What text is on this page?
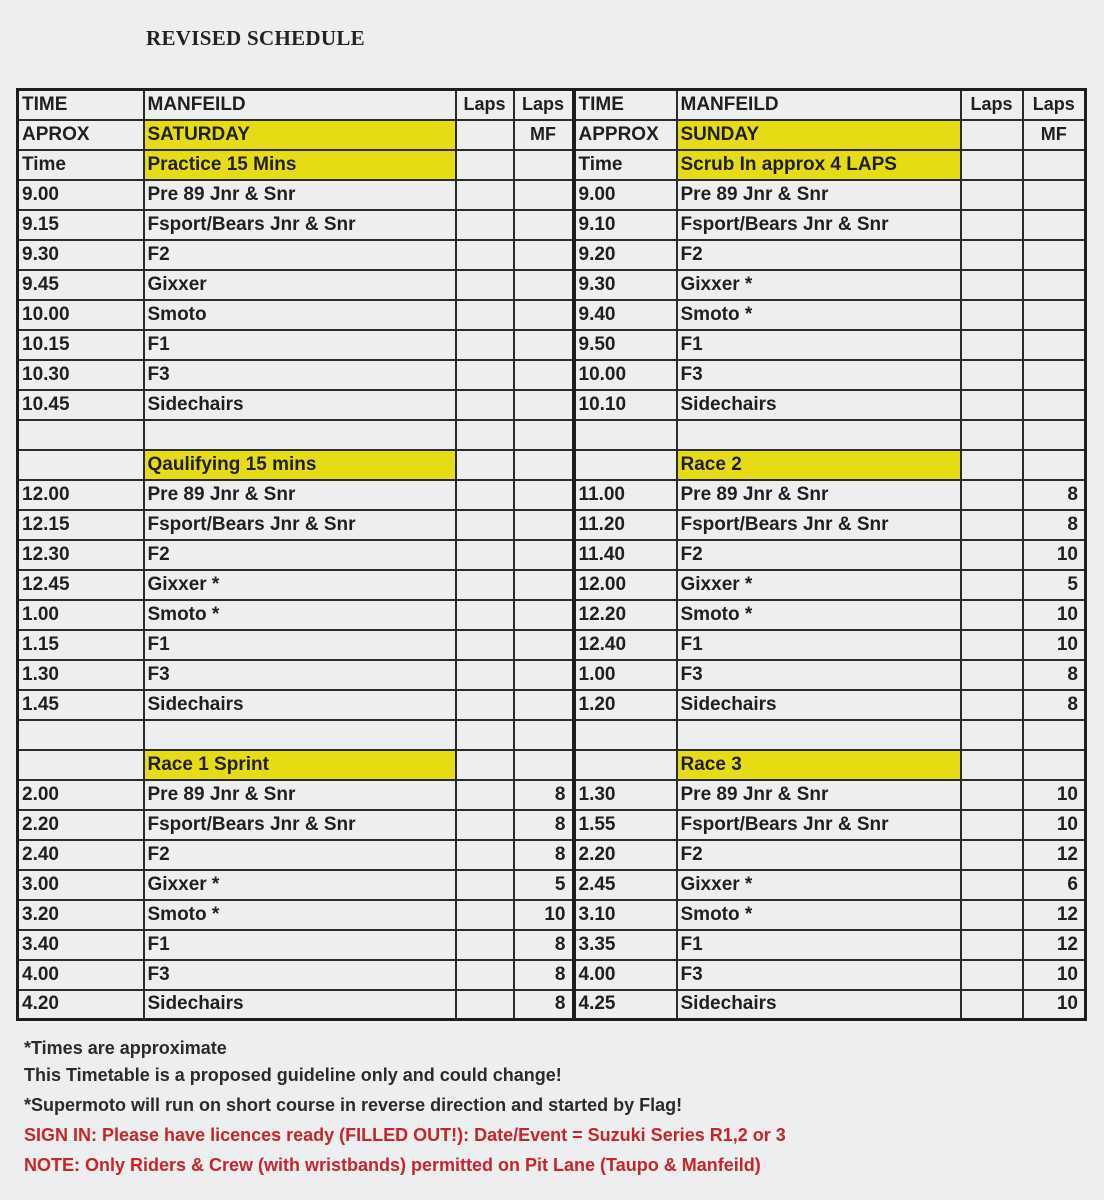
REVISED SCHEDULE
TIME	MANFEILD	Laps	Laps	TIME	MANFEILD	Laps	Laps
APROX	SATURDAY		MF	APPROX	SUNDAY		MF
Time	Practice 15 Mins			Time	Scrub In approx 4 LAPS		
9.00	Pre 89 Jnr & Snr			9.00	Pre 89 Jnr & Snr		
9.15	Fsport/Bears Jnr & Snr			9.10	Fsport/Bears Jnr & Snr		
9.30	F2			9.20	F2		
9.45	Gixxer			9.30	Gixxer *		
10.00	Smoto			9.40	Smoto *		
10.15	F1			9.50	F1		
10.30	F3			10.00	F3		
10.45	Sidechairs			10.10	Sidechairs		

	Qaulifying 15 mins				Race 2		
12.00	Pre 89 Jnr & Snr			11.00	Pre 89 Jnr & Snr		8
12.15	Fsport/Bears Jnr & Snr			11.20	Fsport/Bears Jnr & Snr		8
12.30	F2			11.40	F2		10
12.45	Gixxer *			12.00	Gixxer *		5
1.00	Smoto *			12.20	Smoto *		10
1.15	F1			12.40	F1		10
1.30	F3			1.00	F3		8
1.45	Sidechairs			1.20	Sidechairs		8

	Race 1 Sprint				Race 3		
2.00	Pre 89 Jnr & Snr		8	1.30	Pre 89 Jnr & Snr		10
2.20	Fsport/Bears Jnr & Snr		8	1.55	Fsport/Bears Jnr & Snr		10
2.40	F2		8	2.20	F2		12
3.00	Gixxer *		5	2.45	Gixxer *		6
3.20	Smoto *		10	3.10	Smoto *		12
3.40	F1		8	3.35	F1		12
4.00	F3		8	4.00	F3		10
4.20	Sidechairs		8	4.25	Sidechairs		10
*Times are approximate
This Timetable is a proposed guideline only and could change!
*Supermoto will run on short course in reverse direction and started by Flag!
SIGN IN: Please have licences ready (FILLED OUT!): Date/Event = Suzuki Series R1,2 or 3
NOTE: Only Riders & Crew (with wristbands) permitted on Pit Lane (Taupo & Manfeild)
